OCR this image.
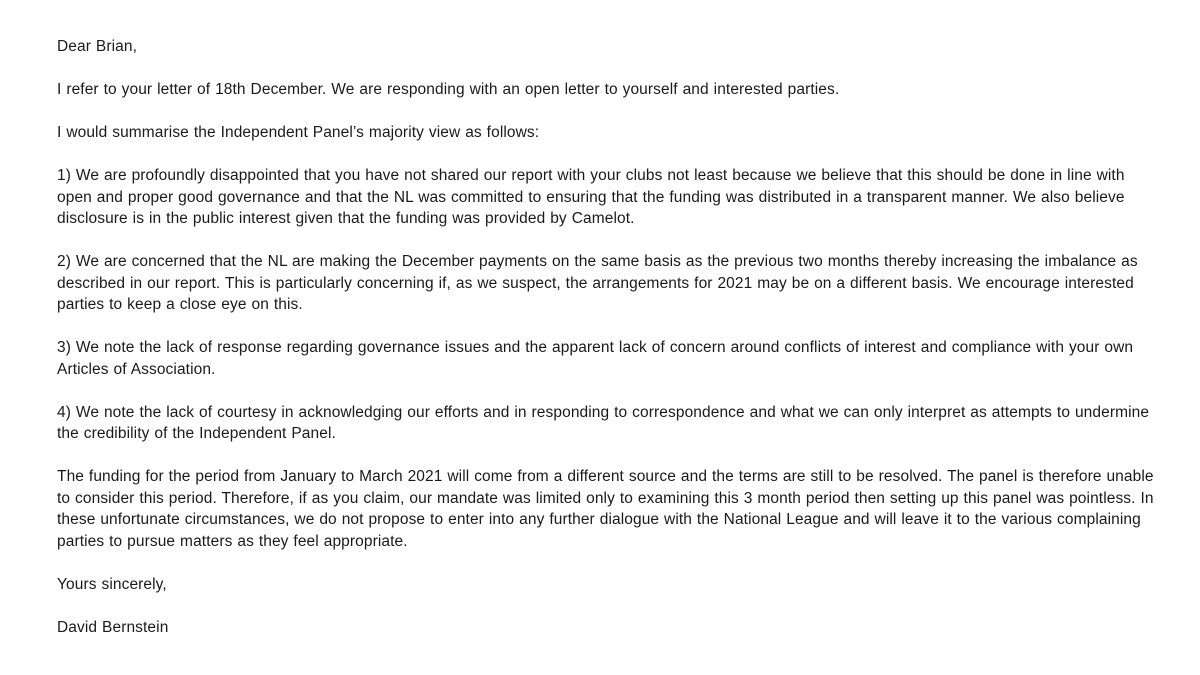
Dear Brian,

I refer to your letter of 18th December. We are responding with an open letter to yourself and interested parties.

I would summarise the Independent Panel’s majority view as follows:

1) We are profoundly disappointed that you have not shared our report with your clubs not least because we believe that this should be done in line with open and proper good governance and that the NL was committed to ensuring that the funding was distributed in a transparent manner. We also believe disclosure is in the public interest given that the funding was provided by Camelot.

2) We are concerned that the NL are making the December payments on the same basis as the previous two months thereby increasing the imbalance as described in our report. This is particularly concerning if, as we suspect, the arrangements for 2021 may be on a different basis. We encourage interested parties to keep a close eye on this.

3) We note the lack of response regarding governance issues and the apparent lack of concern around conflicts of interest and compliance with your own Articles of Association.

4) We note the lack of courtesy in acknowledging our efforts and in responding to correspondence and what we can only interpret as attempts to undermine the credibility of the Independent Panel.

The funding for the period from January to March 2021 will come from a different source and the terms are still to be resolved. The panel is therefore unable to consider this period. Therefore, if as you claim, our mandate was limited only to examining this 3 month period then setting up this panel was pointless. In these unfortunate circumstances, we do not propose to enter into any further dialogue with the National League and will leave it to the various complaining parties to pursue matters as they feel appropriate.

Yours sincerely,

David Bernstein
